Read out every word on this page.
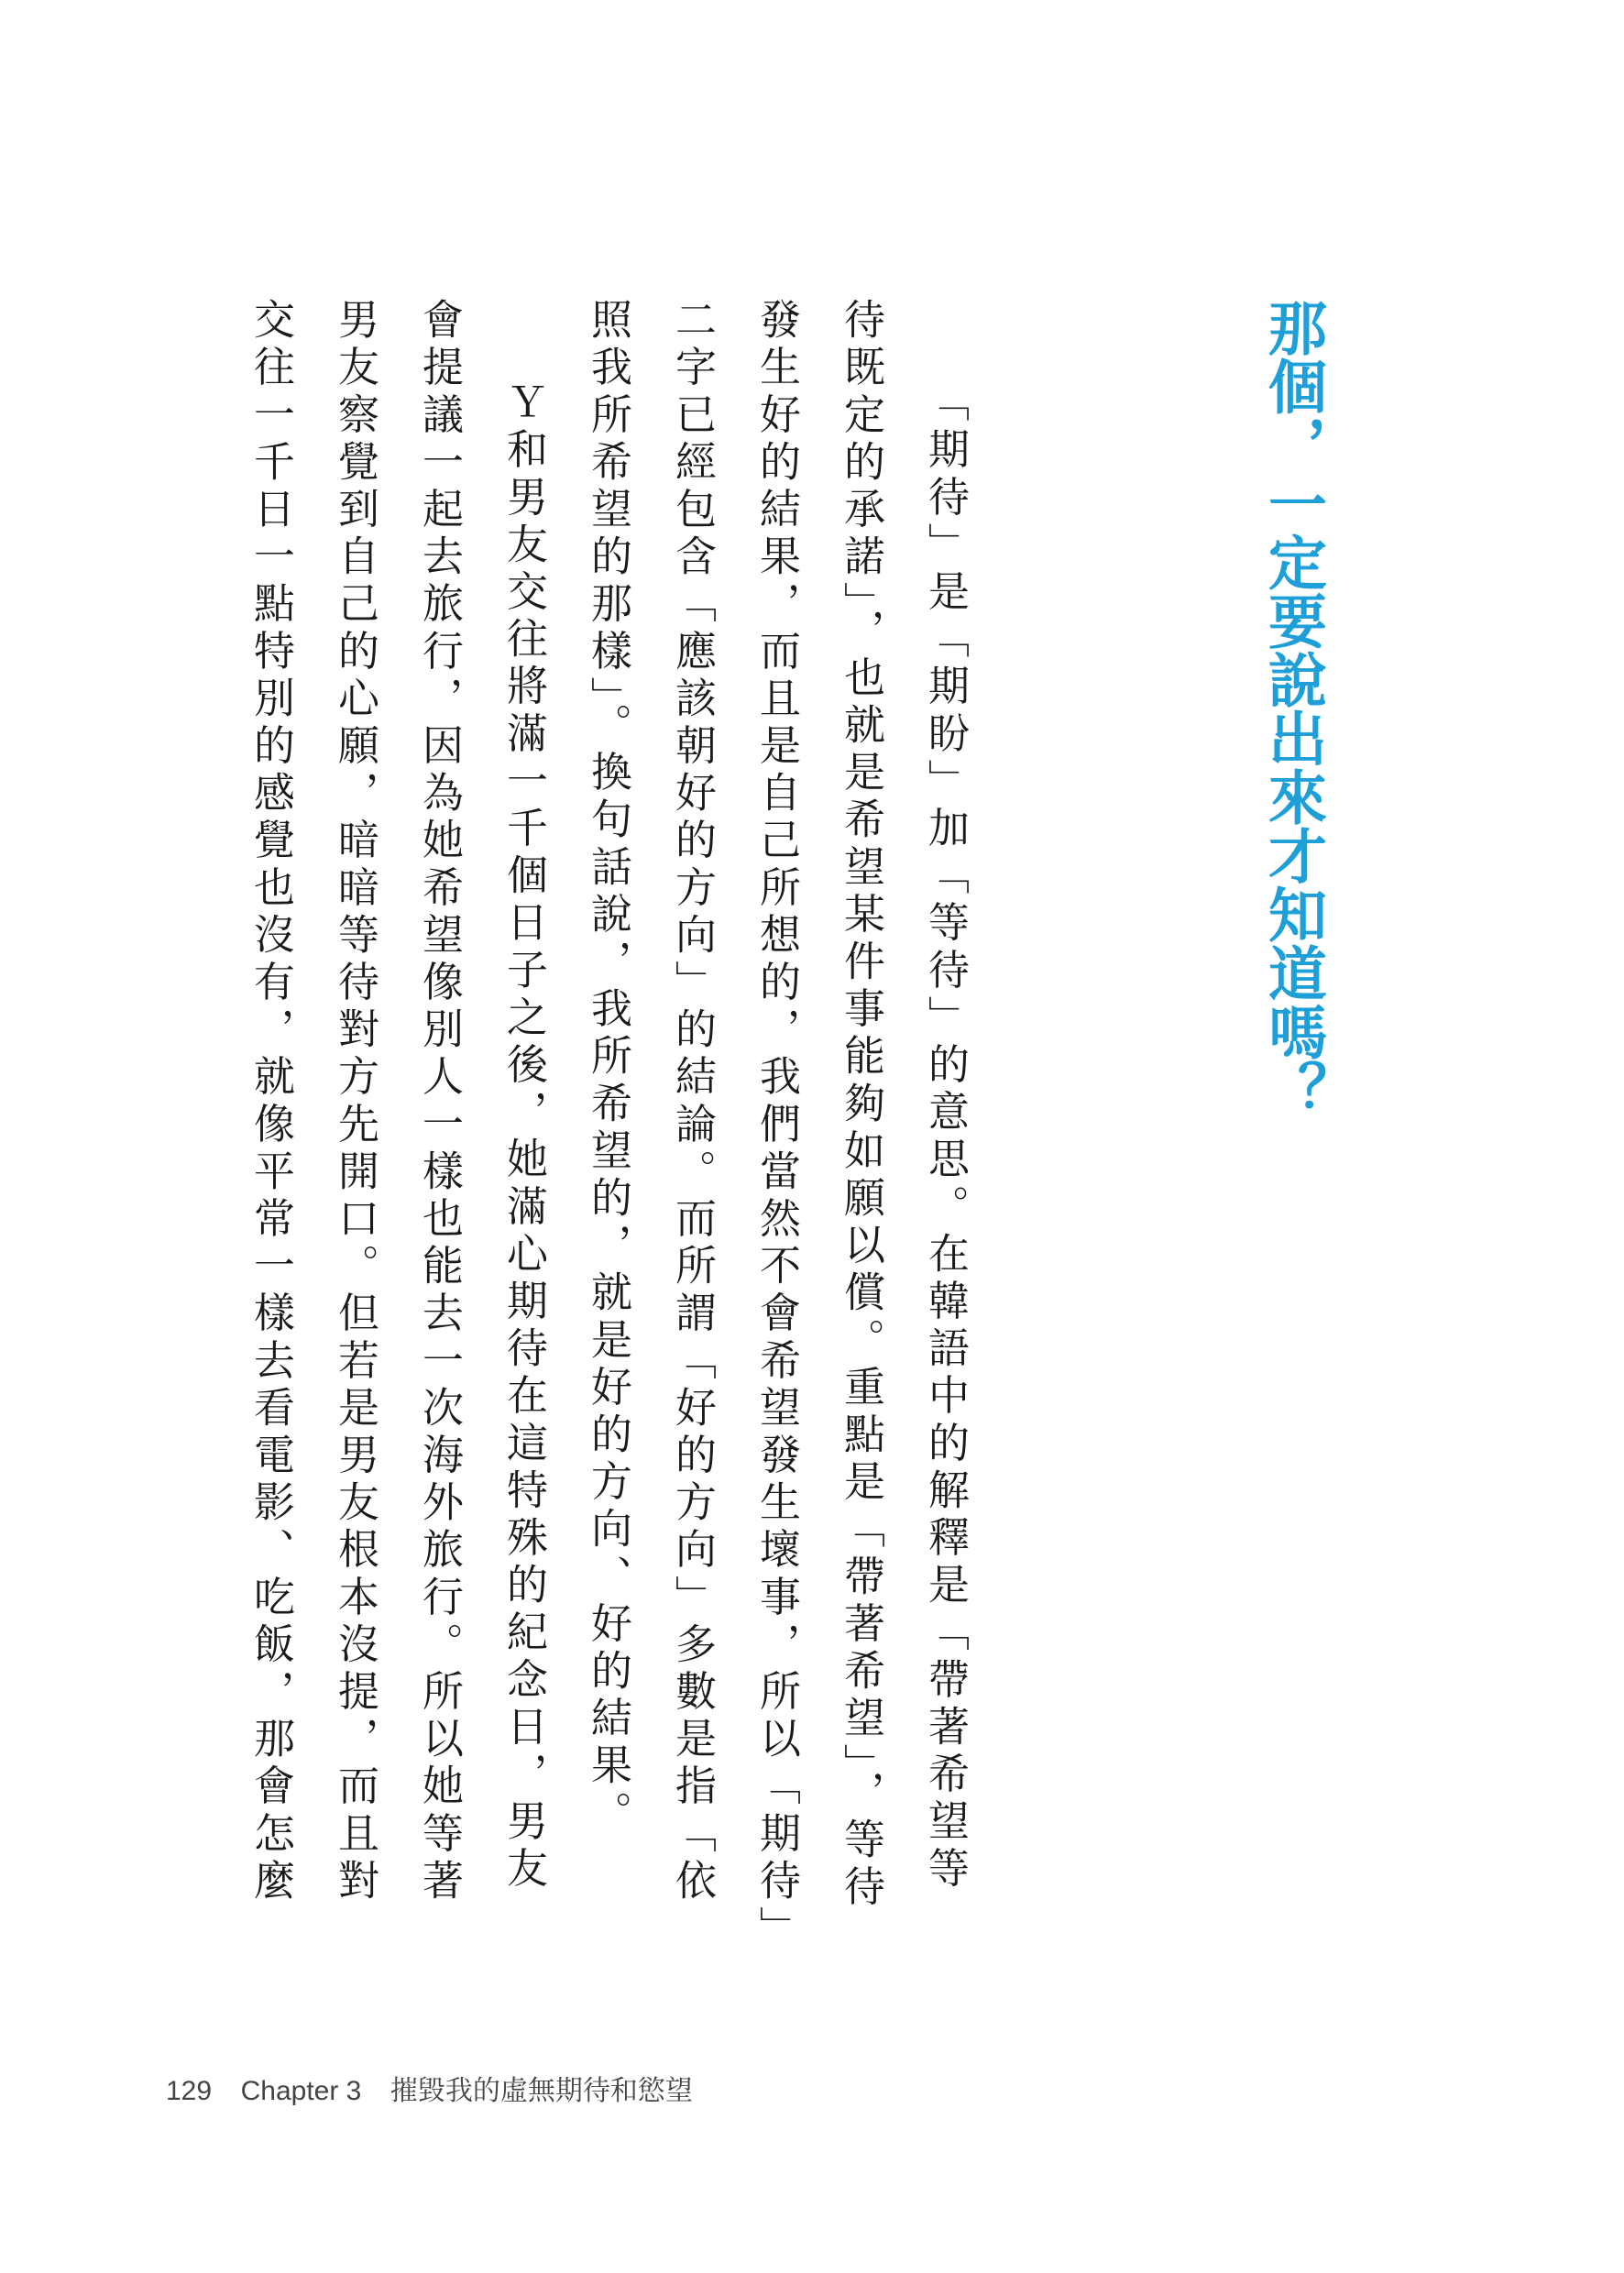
那個，一定要說出來才知道嗎？
「期待」是「期盼」加「等待」的意思。在韓語中的解釋是「帶著希望等
待既定的承諾」，也就是希望某件事能夠如願以償。重點是「帶著希望」，等待
發生好的結果，而且是自己所想的，我們當然不會希望發生壞事，所以「期待」
二字已經包含「應該朝好的方向」的結論。而所謂「好的方向」多數是指「依
照我所希望的那樣」。換句話說，我所希望的，就是好的方向、好的結果。
Ｙ和男友交往將滿一千個日子之後，她滿心期待在這特殊的紀念日，男友
會提議一起去旅行，因為她希望像別人一樣也能去一次海外旅行。所以她等著
男友察覺到自己的心願，暗暗等待對方先開口。但若是男友根本沒提，而且對
交往一千日一點特別的感覺也沒有，就像平常一樣去看電影、吃飯，那會怎麼
129 Chapter 3 摧毀我的虛無期待和慾望
